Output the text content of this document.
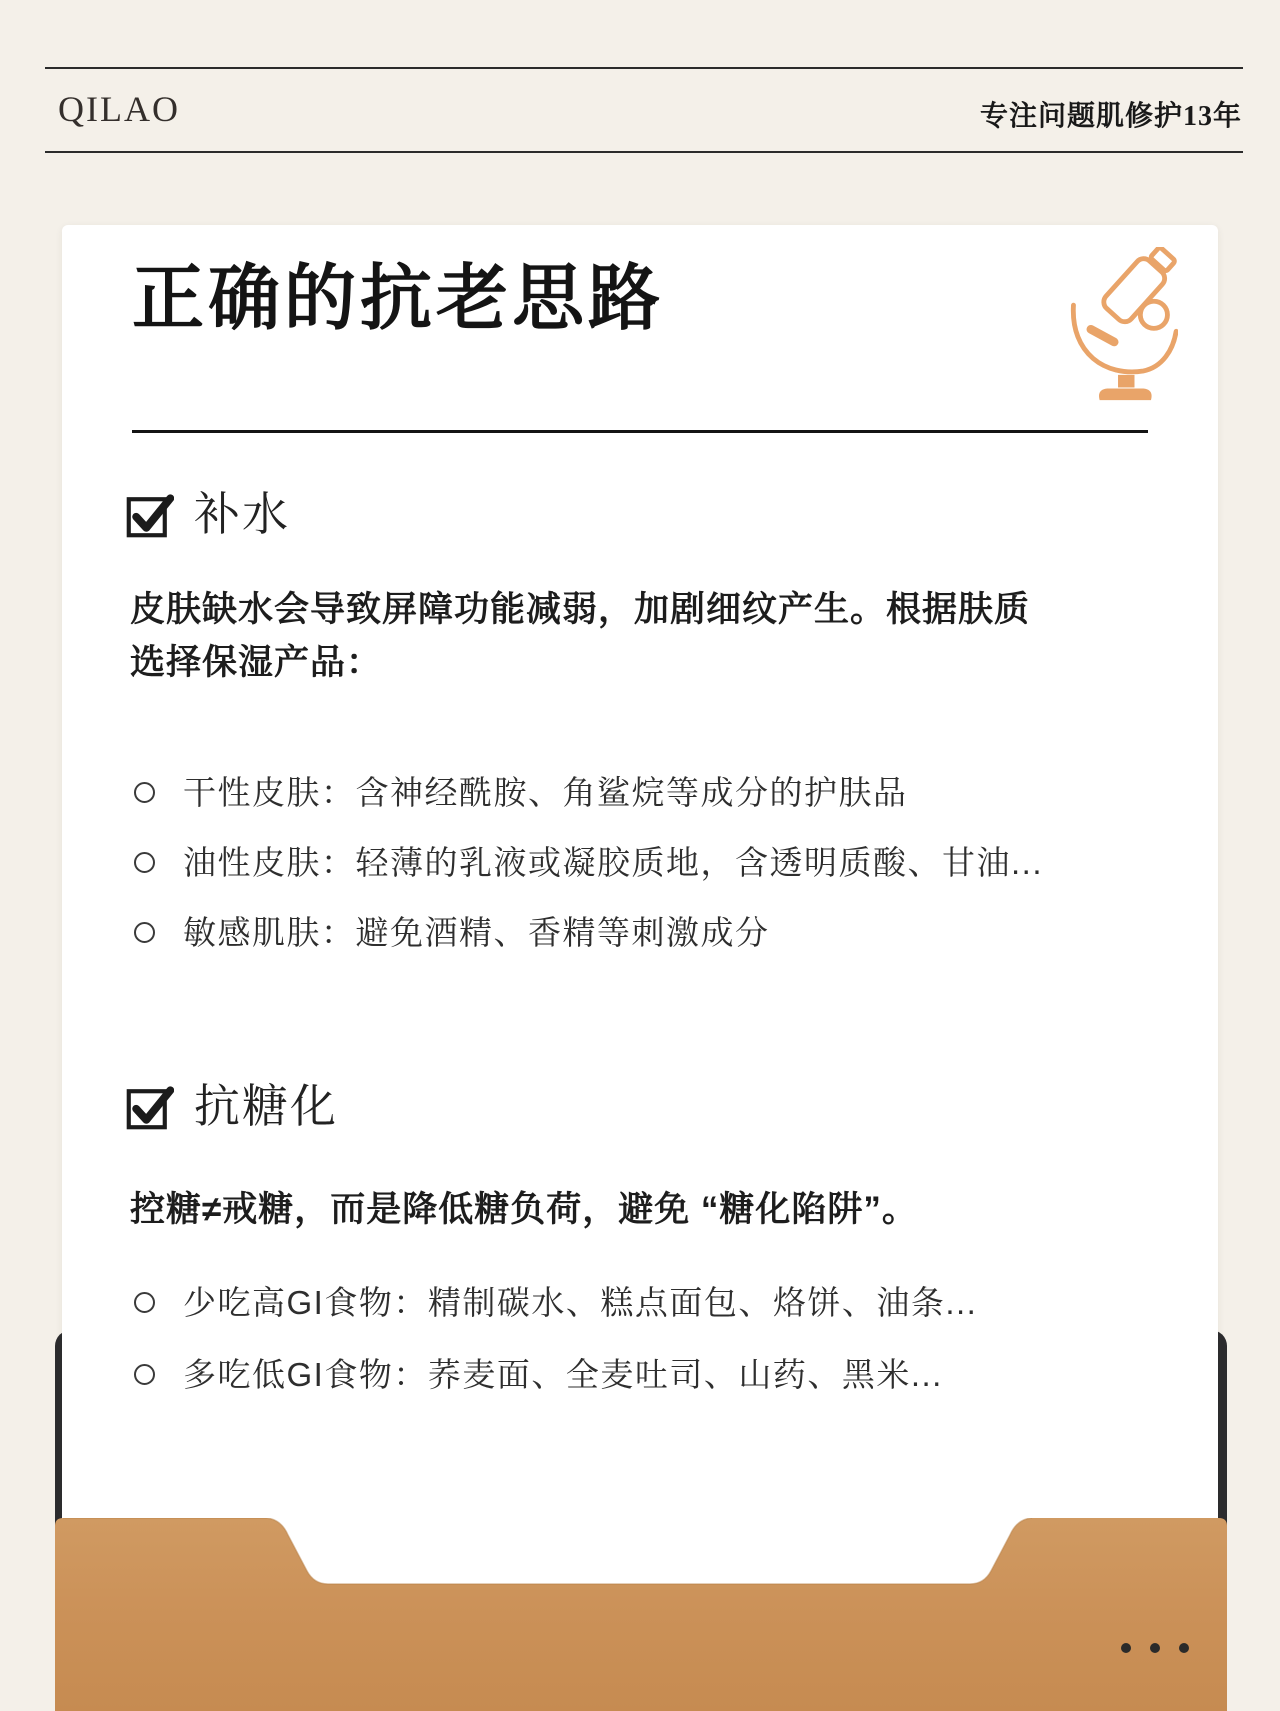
QILAO	专注问题肌修护13年
正确的抗老思路
补水
皮肤缺水会导致屏障功能减弱，加剧细纹产生。根据肤质选择保湿产品：
干性皮肤：含神经酰胺、角鲨烷等成分的护肤品
油性皮肤：轻薄的乳液或凝胶质地，含透明质酸、甘油...
敏感肌肤：避免酒精、香精等刺激成分
抗糖化
控糖≠戒糖，而是降低糖负荷，避免 “糖化陷阱”。
少吃高GI食物：精制碳水、糕点面包、烙饼、油条...
多吃低GI食物：荞麦面、全麦吐司、山药、黑米...
